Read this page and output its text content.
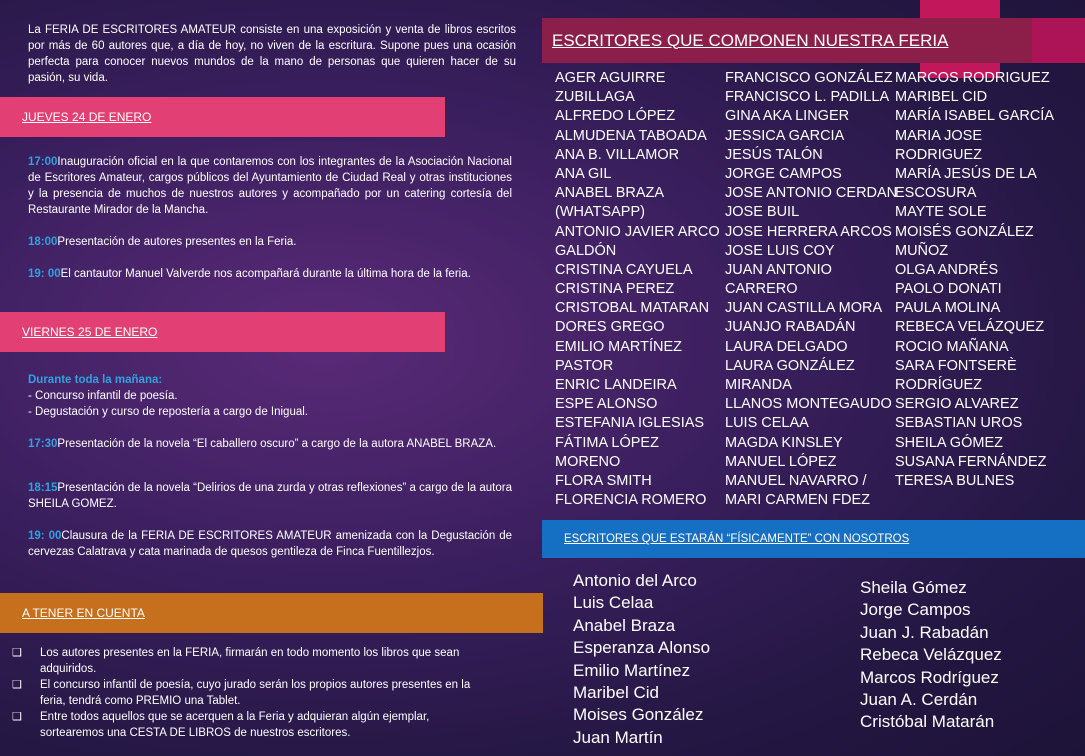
La FERIA DE ESCRITORES AMATEUR consiste en una exposición y venta de libros escritos por más de 60 autores que, a día de hoy, no viven de la escritura. Supone pues una ocasión perfecta para conocer nuevos mundos de la mano de personas que quieren hacer de su pasión, su vida.
JUEVES 24 DE ENERO
17:00Inauguración oficial en la que contaremos con los integrantes de la Asociación Nacional de Escritores Amateur, cargos públicos del Ayuntamiento de Ciudad Real y otras instituciones y la presencia de muchos de nuestros autores y acompañado por un catering cortesía del Restaurante Mirador de la Mancha.
18:00Presentación de autores presentes en la Feria.
19: 00El cantautor Manuel Valverde nos acompañará durante la última hora de la feria.
VIERNES 25 DE ENERO
Durante toda la mañana:
- Concurso infantil de poesía.
- Degustación y curso de repostería a cargo de Inigual.
17:30Presentación de la novela “El caballero oscuro” a cargo de la autora ANABEL BRAZA.
18:15Presentación de la novela “Delirios de una zurda y otras reflexiones” a cargo de la autora SHEILA GOMEZ.
19: 00Clausura de la FERIA DE ESCRITORES AMATEUR amenizada con la Degustación de cervezas Calatrava y cata marinada de quesos gentileza de Finca Fuentillezjos.
A TENER EN CUENTA
❑	Los autores presentes en la FERIA, firmarán en todo momento los libros que sean adquiridos.
❑	El concurso infantil de poesía, cuyo jurado serán los propios autores presentes en la feria, tendrá como PREMIO una Tablet.
❑	Entre todos aquellos que se acerquen a la Feria y adquieran algún ejemplar, sortearemos una CESTA DE LIBROS de nuestros escritores.
ESCRITORES QUE COMPONEN NUESTRA FERIA
AGER AGUIRRE
ZUBILLAGA
ALFREDO LÓPEZ
ALMUDENA TABOADA
ANA B. VILLAMOR
ANA GIL
ANABEL BRAZA
(WHATSAPP)
ANTONIO JAVIER ARCO
GALDÓN
CRISTINA CAYUELA
CRISTINA PEREZ
CRISTOBAL MATARAN
DORES GREGO
EMILIO MARTÍNEZ
PASTOR
ENRIC LANDEIRA
ESPE ALONSO
ESTEFANIA IGLESIAS
FÁTIMA LÓPEZ
MORENO
FLORA SMITH
FLORENCIA ROMERO
FRANCISCO GONZÁLEZ
FRANCISCO L. PADILLA
GINA AKA LINGER
JESSICA GARCIA
JESÚS TALÓN
JORGE CAMPOS
JOSE ANTONIO CERDAN
JOSE BUIL
JOSE HERRERA ARCOS
JOSE LUIS COY
JUAN ANTONIO
CARRERO
JUAN CASTILLA MORA
JUANJO RABADÁN
LAURA DELGADO
LAURA GONZÁLEZ
MIRANDA
LLANOS MONTEGAUDO
LUIS CELAA
MAGDA KINSLEY
MANUEL LÓPEZ
MANUEL NAVARRO /
MARI CARMEN FDEZ
MARCOS RODRIGUEZ
MARIBEL CID
MARÍA ISABEL GARCÍA
MARIA JOSE
RODRIGUEZ
MARÍA JESÚS DE LA
ESCOSURA
MAYTE SOLE
MOISÉS GONZÁLEZ
MUÑOZ
OLGA ANDRÉS
PAOLO DONATI
PAULA MOLINA
REBECA VELÁZQUEZ
ROCIO MAÑANA
SARA FONTSERÈ
RODRÍGUEZ
SERGIO ALVAREZ
SEBASTIAN UROS
SHEILA GÓMEZ
SUSANA FERNÁNDEZ
TERESA BULNES
ESCRITORES QUE ESTARÁN “FÍSICAMENTE” CON NOSOTROS
Antonio del Arco
Luis Celaa
Anabel Braza
Esperanza Alonso
Emilio Martínez
Maribel Cid
Moises González
Juan Martín
Sheila Gómez
Jorge Campos
Juan J. Rabadán
Rebeca Velázquez
Marcos Rodríguez
Juan A. Cerdán
Cristóbal Matarán
